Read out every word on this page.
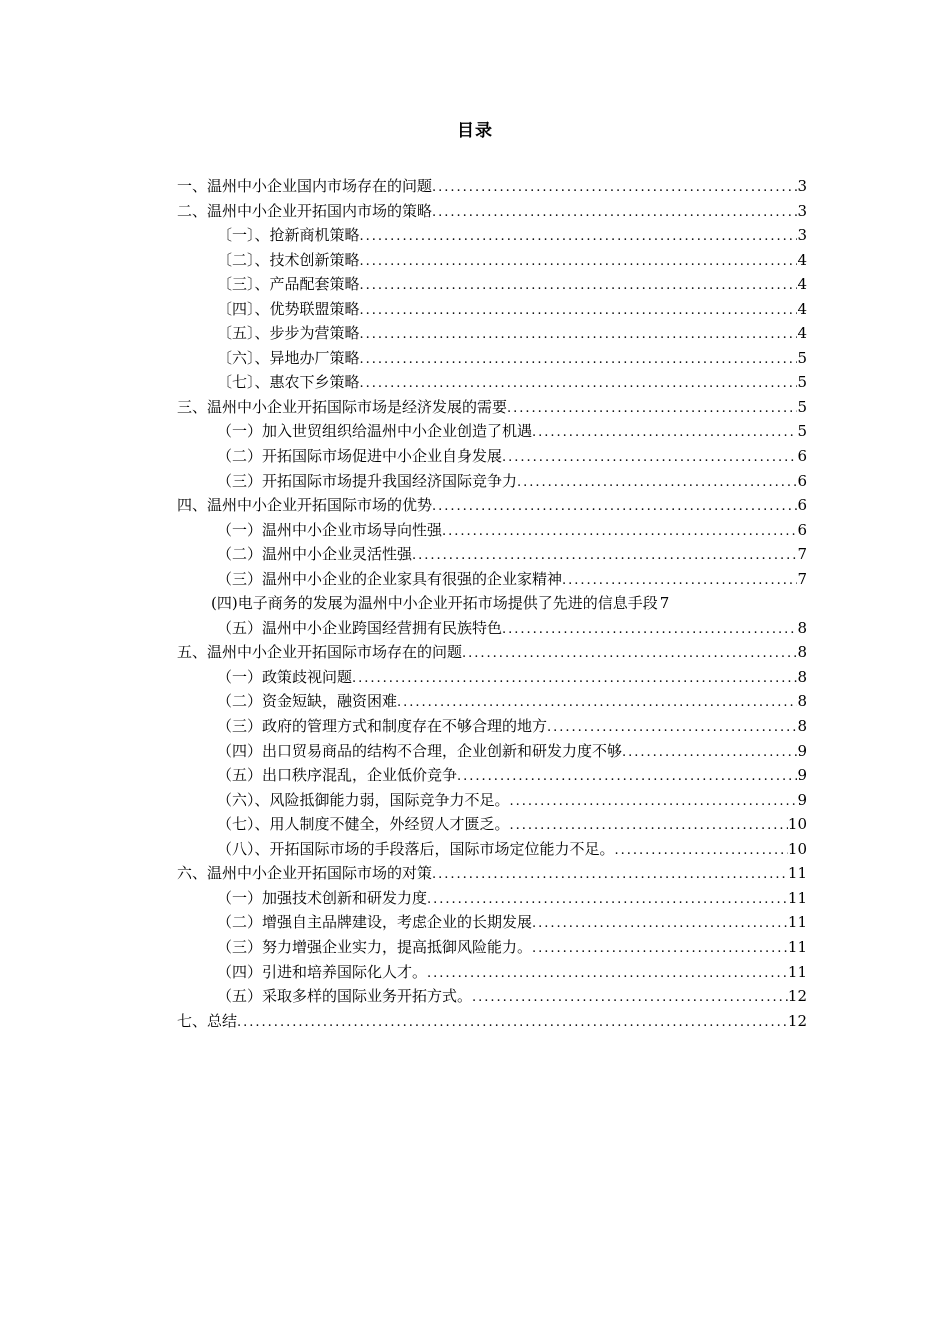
目录
一、温州中小企业国内市场存在的问题 .....	3
二、温州中小企业开拓国内市场的策略 .....	3
〔一〕、抢新商机策略 .....	3
〔二〕、技术创新策略 .....	4
〔三〕、产品配套策略 .....	4
〔四〕、优势联盟策略 .....	4
〔五〕、步步为营策略 .....	4
〔六〕、异地办厂策略 .....	5
〔七〕、惠农下乡策略 .....	5
三、温州中小企业开拓国际市场是经济发展的需要 .....	5
（一）加入世贸组织给温州中小企业创造了机遇 .....	5
（二）开拓国际市场促进中小企业自身发展 .....	6
（三）开拓国际市场提升我国经济国际竞争力 .....	6
四、温州中小企业开拓国际市场的优势 .....	6
（一）温州中小企业市场导向性强 .....	6
（二）温州中小企业灵活性强 .....	7
（三）温州中小企业的企业家具有很强的企业家精神 .....	7
(四)电子商务的发展为温州中小企业开拓市场提供了先进的信息手段 7
（五）温州中小企业跨国经营拥有民族特色 .....	8
五、温州中小企业开拓国际市场存在的问题 .....	8
（一）政策歧视问题 .....	8
（二）资金短缺，融资困难 .....	8
（三）政府的管理方式和制度存在不够合理的地方 .....	8
（四）出口贸易商品的结构不合理，企业创新和研发力度不够 .....	9
（五）出口秩序混乱，企业低价竞争 .....	9
（六）、风险抵御能力弱，国际竞争力不足。 .....	9
（七）、用人制度不健全，外经贸人才匮乏。 .....	10
（八）、开拓国际市场的手段落后，国际市场定位能力不足。 .....	10
六、温州中小企业开拓国际市场的对策 .....	11
（一）加强技术创新和研发力度 .....	11
（二）增强自主品牌建设，考虑企业的长期发展 .....	11
（三）努力增强企业实力，提高抵御风险能力。 .....	11
（四）引进和培养国际化人才。 .....	11
（五）采取多样的国际业务开拓方式。 .....	12
七、总结 .....	12
